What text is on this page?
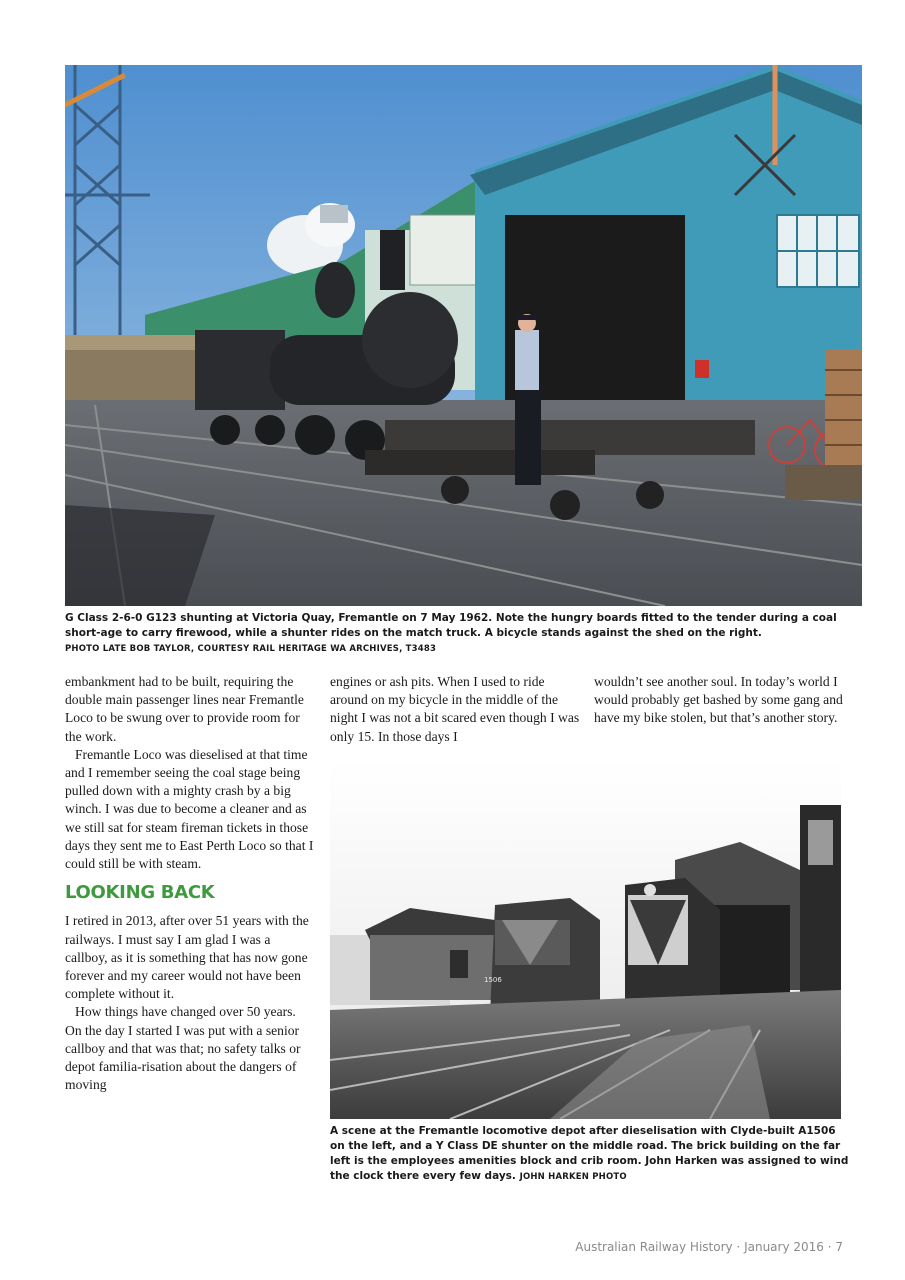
G Class 2-6-0 G123 shunting at Victoria Quay, Fremantle on 7 May 1962. Note the hungry boards fitted to the tender during a coal short-age to carry firewood, while a shunter rides on the match truck. A bicycle stands against the shed on the right.
PHOTO LATE BOB TAYLOR, COURTESY RAIL HERITAGE WA ARCHIVES, T3483

embankment had to be built, requiring the double main passenger lines near Fremantle Loco to be swung over to provide room for the work.

Fremantle Loco was dieselised at that time and I remember seeing the coal stage being pulled down with a mighty crash by a big winch. I was due to become a cleaner and as we still sat for steam fireman tickets in those days they sent me to East Perth Loco so that I could still be with steam.

LOOKING BACK

I retired in 2013, after over 51 years with the railways. I must say I am glad I was a callboy, as it is something that has now gone forever and my career would not have been complete without it.

How things have changed over 50 years. On the day I started I was put with a senior callboy and that was that; no safety talks or depot familia-risation about the dangers of moving

engines or ash pits. When I used to ride around on my bicycle in the middle of the night I was not a bit scared even though I was only 15. In those days I

wouldn’t see another soul. In today’s world I would probably get bashed by some gang and have my bike stolen, but that’s another story.

1506
A scene at the Fremantle locomotive depot after dieselisation with Clyde-built A1506 on the left, and a Y Class DE shunter on the middle road. The brick building on the far left is the employees amenities block and crib room. John Harken was assigned to wind the clock there every few days. JOHN HARKEN PHOTO
Australian Railway History · January 2016 · 7
